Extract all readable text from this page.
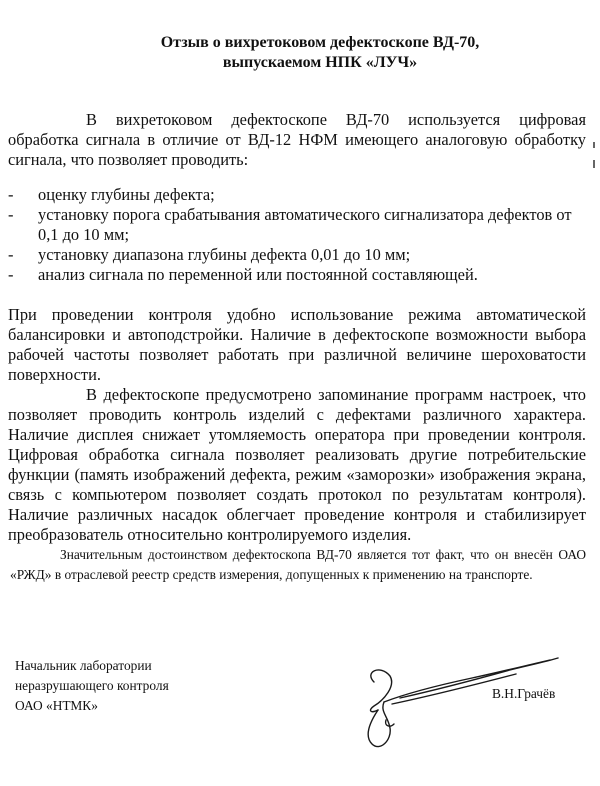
Отзыв о вихретоковом дефектоскопе ВД-70,
выпускаемом НПК «ЛУЧ»
В вихретоковом дефектоскопе ВД-70 используется цифровая обработка сигнала в отличие от ВД-12 НФМ имеющего аналоговую обработку сигнала, что позволяет проводить:
- оценку глубины дефекта;
- установку порога срабатывания автоматического сигнализатора дефектов от 0,1 до 10 мм;
- установку диапазона глубины дефекта 0,01 до 10 мм;
- анализ сигнала по переменной или постоянной составляющей.
При проведении контроля удобно использование режима автоматической балансировки и автоподстройки. Наличие в дефектоскопе возможности выбора рабочей частоты позволяет работать при различной величине шероховатости поверхности.
В дефектоскопе предусмотрено запоминание программ настроек, что позволяет проводить контроль изделий с дефектами различного характера. Наличие дисплея снижает утомляемость оператора при проведении контроля. Цифровая обработка сигнала позволяет реализовать другие потребительские функции (память изображений дефекта, режим «заморозки» изображения экрана, связь с компьютером позволяет создать протокол по результатам контроля). Наличие различных насадок облегчает проведение контроля и стабилизирует преобразователь относительно контролируемого изделия.
Значительным достоинством дефектоскопа ВД-70 является тот факт, что он внесён ОАО «РЖД» в отраслевой реестр средств измерения, допущенных к применению на транспорте.
Начальник лаборатории
неразрушающего контроля
ОАО «НТМК»
В.Н.Грачёв
